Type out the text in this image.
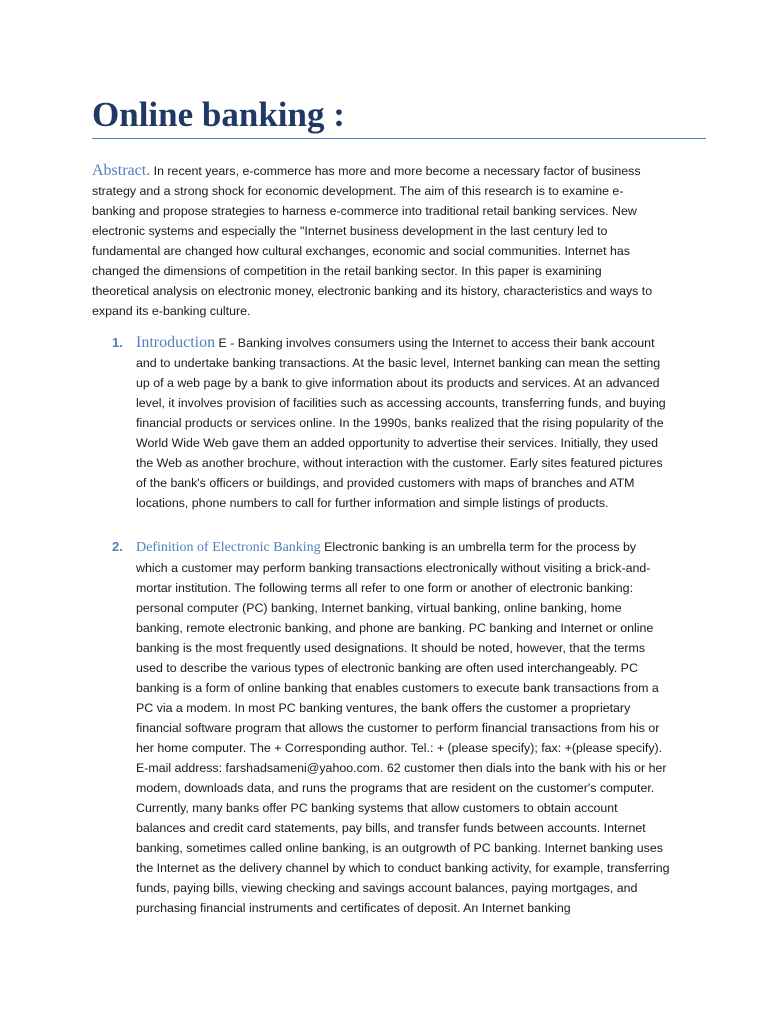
Online banking :

Abstract. In recent years, e-commerce has more and more become a necessary factor of business strategy and a strong shock for economic development. The aim of this research is to examine e-banking and propose strategies to harness e-commerce into traditional retail banking services. New electronic systems and especially the "Internet business development in the last century led to fundamental are changed how cultural exchanges, economic and social communities. Internet has changed the dimensions of competition in the retail banking sector. In this paper is examining theoretical analysis on electronic money, electronic banking and its history, characteristics and ways to expand its e-banking culture.

1. Introduction E - Banking involves consumers using the Internet to access their bank account and to undertake banking transactions. At the basic level, Internet banking can mean the setting up of a web page by a bank to give information about its products and services. At an advanced level, it involves provision of facilities such as accessing accounts, transferring funds, and buying financial products or services online. In the 1990s, banks realized that the rising popularity of the World Wide Web gave them an added opportunity to advertise their services. Initially, they used the Web as another brochure, without interaction with the customer. Early sites featured pictures of the bank's officers or buildings, and provided customers with maps of branches and ATM locations, phone numbers to call for further information and simple listings of products.

2. Definition of Electronic Banking Electronic banking is an umbrella term for the process by which a customer may perform banking transactions electronically without visiting a brick-and-mortar institution. The following terms all refer to one form or another of electronic banking: personal computer (PC) banking, Internet banking, virtual banking, online banking, home banking, remote electronic banking, and phone are banking. PC banking and Internet or online banking is the most frequently used designations. It should be noted, however, that the terms used to describe the various types of electronic banking are often used interchangeably. PC banking is a form of online banking that enables customers to execute bank transactions from a PC via a modem. In most PC banking ventures, the bank offers the customer a proprietary financial software program that allows the customer to perform financial transactions from his or her home computer. The + Corresponding author. Tel.: + (please specify); fax: +(please specify). E-mail address: farshadsameni@yahoo.com. 62 customer then dials into the bank with his or her modem, downloads data, and runs the programs that are resident on the customer's computer. Currently, many banks offer PC banking systems that allow customers to obtain account balances and credit card statements, pay bills, and transfer funds between accounts. Internet banking, sometimes called online banking, is an outgrowth of PC banking. Internet banking uses the Internet as the delivery channel by which to conduct banking activity, for example, transferring funds, paying bills, viewing checking and savings account balances, paying mortgages, and purchasing financial instruments and certificates of deposit. An Internet banking
